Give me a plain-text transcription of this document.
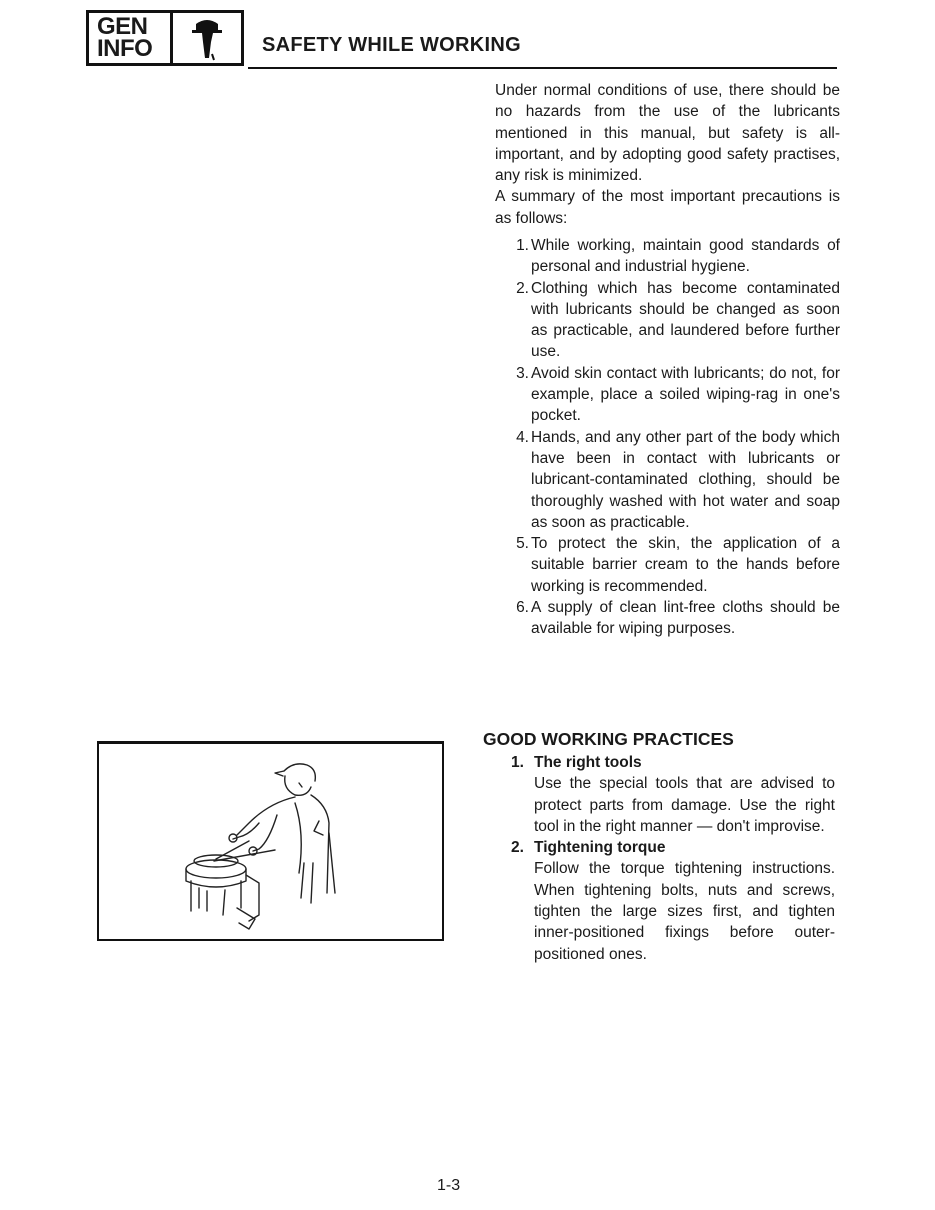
GEN
INFO	SAFETY WHILE WORKING

Under normal conditions of use, there should be no hazards from the use of the lubricants mentioned in this manual, but safety is all-important, and by adopting good safety practises, any risk is minimized.

A summary of the most important precautions is as follows:

1. While working, maintain good standards of personal and industrial hygiene.
2. Clothing which has become contaminated with lubricants should be changed as soon as practicable, and laundered before further use.
3. Avoid skin contact with lubricants; do not, for example, place a soiled wiping-rag in one's pocket.
4. Hands, and any other part of the body which have been in contact with lubricants or lubricant-contaminated clothing, should be thoroughly washed with hot water and soap as soon as practicable.
5. To protect the skin, the application of a suitable barrier cream to the hands before working is recommended.
6. A supply of clean lint-free cloths should be available for wiping purposes.
GOOD WORKING PRACTICES
1. The right tools
Use the special tools that are advised to protect parts from damage. Use the right tool in the right manner — don't improvise.
2. Tightening torque
Follow the torque tightening instructions. When tightening bolts, nuts and screws, tighten the large sizes first, and tighten inner-positioned fixings before outer-positioned ones.
1-3
